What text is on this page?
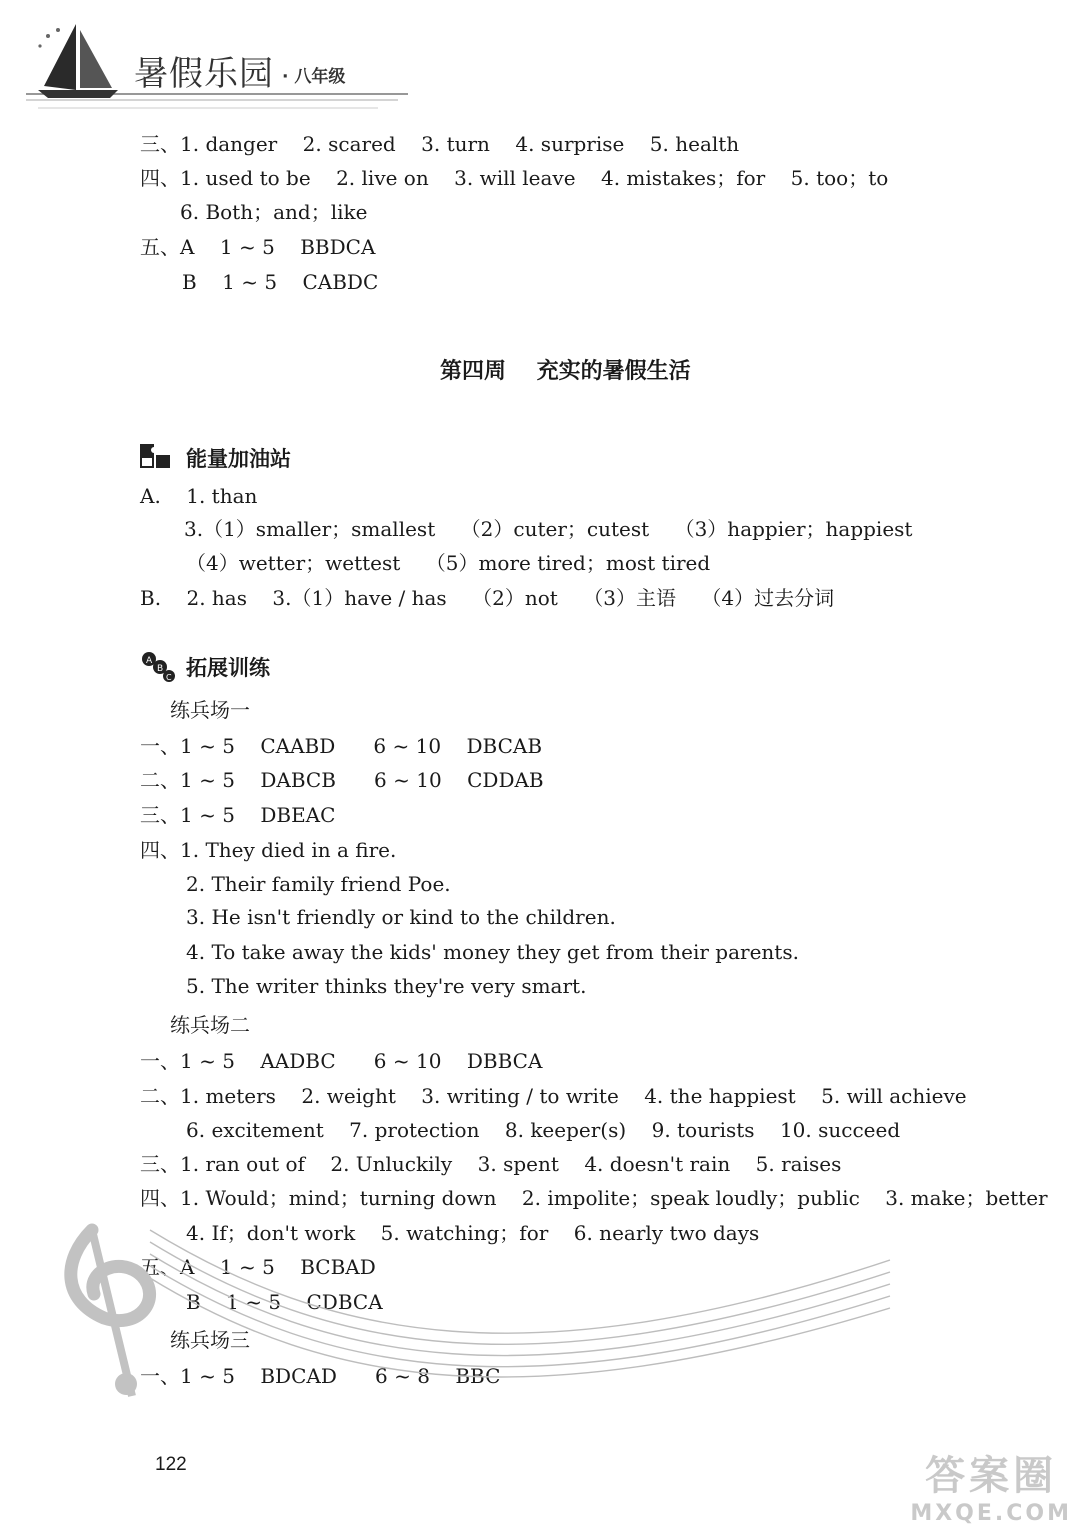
暑假乐园 · 八年级
三、1. danger    2. scared    3. turn    4. surprise    5. health
四、1. used to be    2. live on    3. will leave    4. mistakes；for    5. too；to
6. Both；and；like
五、A    1 ~ 5    BBDCA
B    1 ~ 5    CABDC
第四周    充实的暑假生活
能量加油站
A.    1. than
3.（1）smaller；smallest    （2）cuter；cutest    （3）happier；happiest
（4）wetter；wettest    （5）more tired；most tired
B.    2. has    3.（1）have / has    （2）not    （3）主语    （4）过去分词
A
B
C 拓展训练
练兵场一
一、1 ~ 5    CAABD      6 ~ 10    DBCAB
二、1 ~ 5    DABCB      6 ~ 10    CDDAB
三、1 ~ 5    DBEAC
四、1. They died in a fire.
2. Their family friend Poe.
3. He isn't friendly or kind to the children.
4. To take away the kids' money they get from their parents.
5. The writer thinks they're very smart.
练兵场二
一、1 ~ 5    AADBC      6 ~ 10    DBBCA
二、1. meters    2. weight    3. writing / to write    4. the happiest    5. will achieve
6. excitement    7. protection    8. keeper(s)    9. tourists    10. succeed
三、1. ran out of    2. Unluckily    3. spent    4. doesn't rain    5. raises
四、1. Would；mind；turning down    2. impolite；speak loudly；public    3. make；better
4. If；don't work    5. watching；for    6. nearly two days
五、A    1 ~ 5    BCBAD
B    1 ~ 5    CDBCA
练兵场三
一、1 ~ 5    BDCAD      6 ~ 8    BBC
122	答案圈
MXQE.COM
